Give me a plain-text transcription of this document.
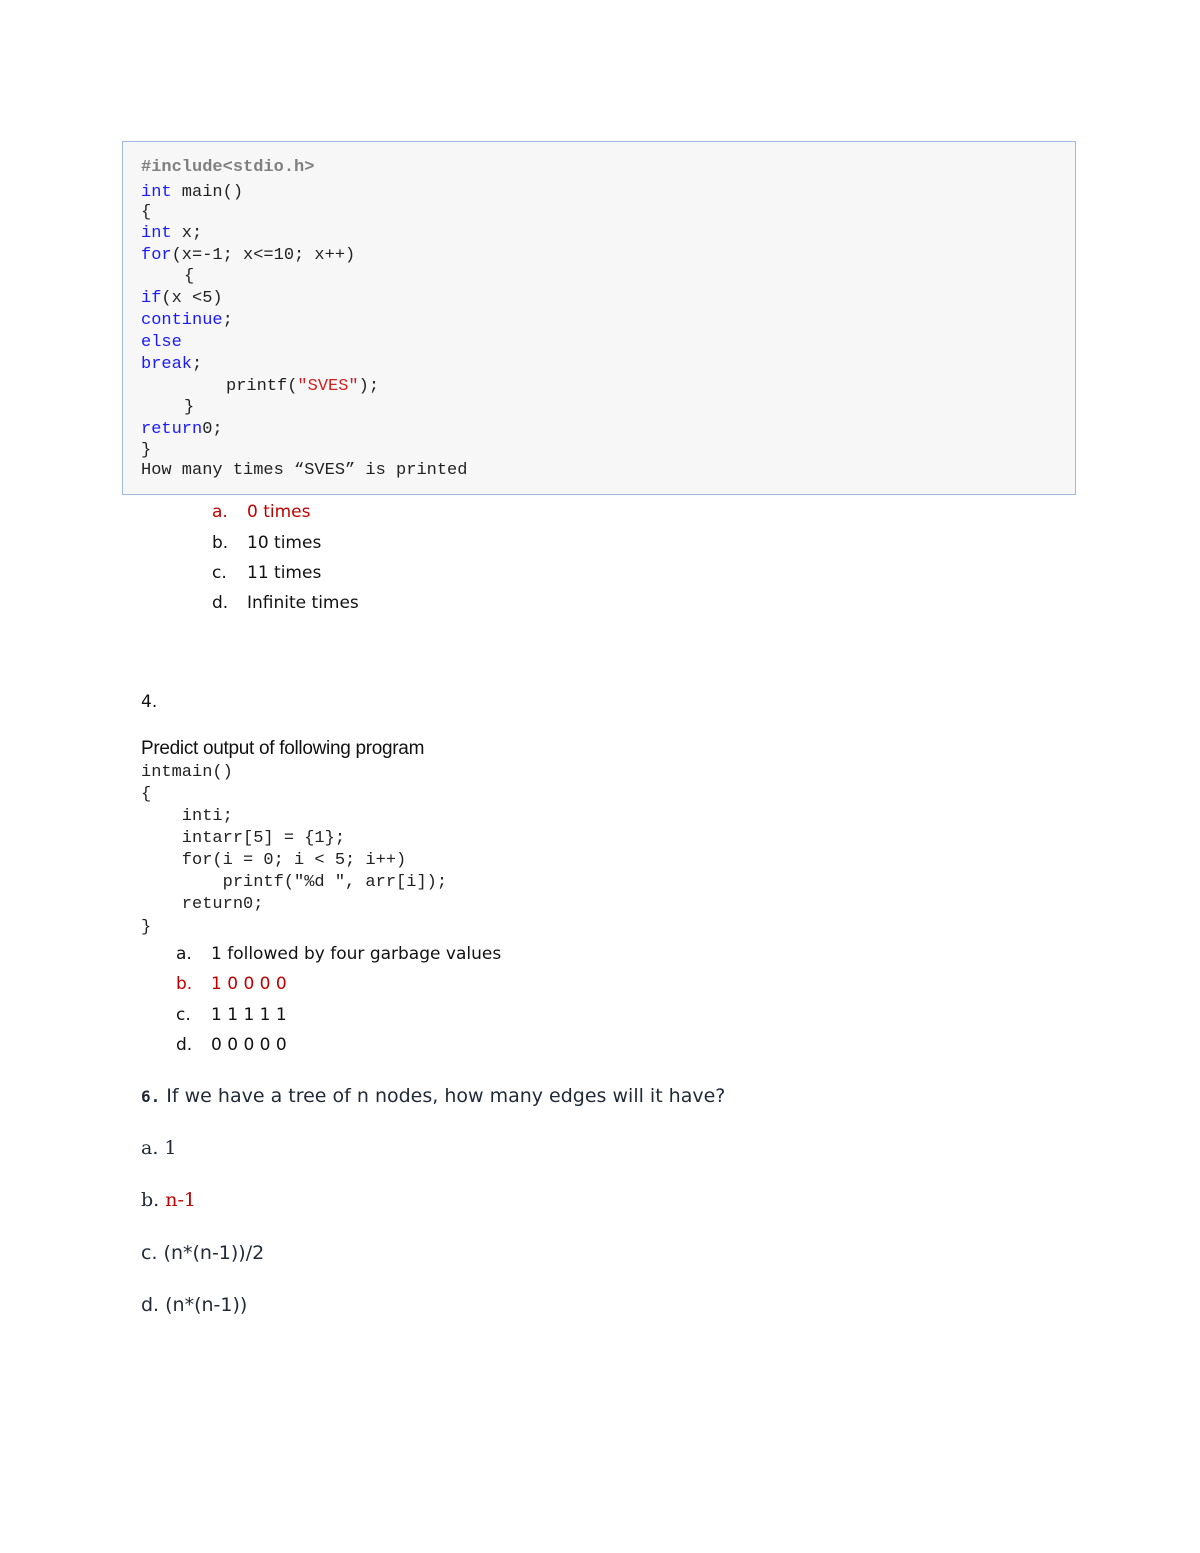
#include<stdio.h>
int main()
{
int x;
for(x=-1; x<=10; x++)
{
if(x <5)
continue;
else
break;
printf("SVES");
}
return0;
}
How many times “SVES” is printed
a. 0 times
b. 10 times
c. 11 times
d. Infinite times
4.
Predict output of following program
intmain()
{
inti;
intarr[5] = {1};
for(i = 0; i < 5; i++)
printf("%d ", arr[i]);
return0;
}
a. 1 followed by four garbage values
b. 1 0 0 0 0
c. 1 1 1 1 1
d. 0 0 0 0 0
6. If we have a tree of n nodes, how many edges will it have?
a. 1
b. n-1
c. (n*(n-1))/2
d. (n*(n-1))
